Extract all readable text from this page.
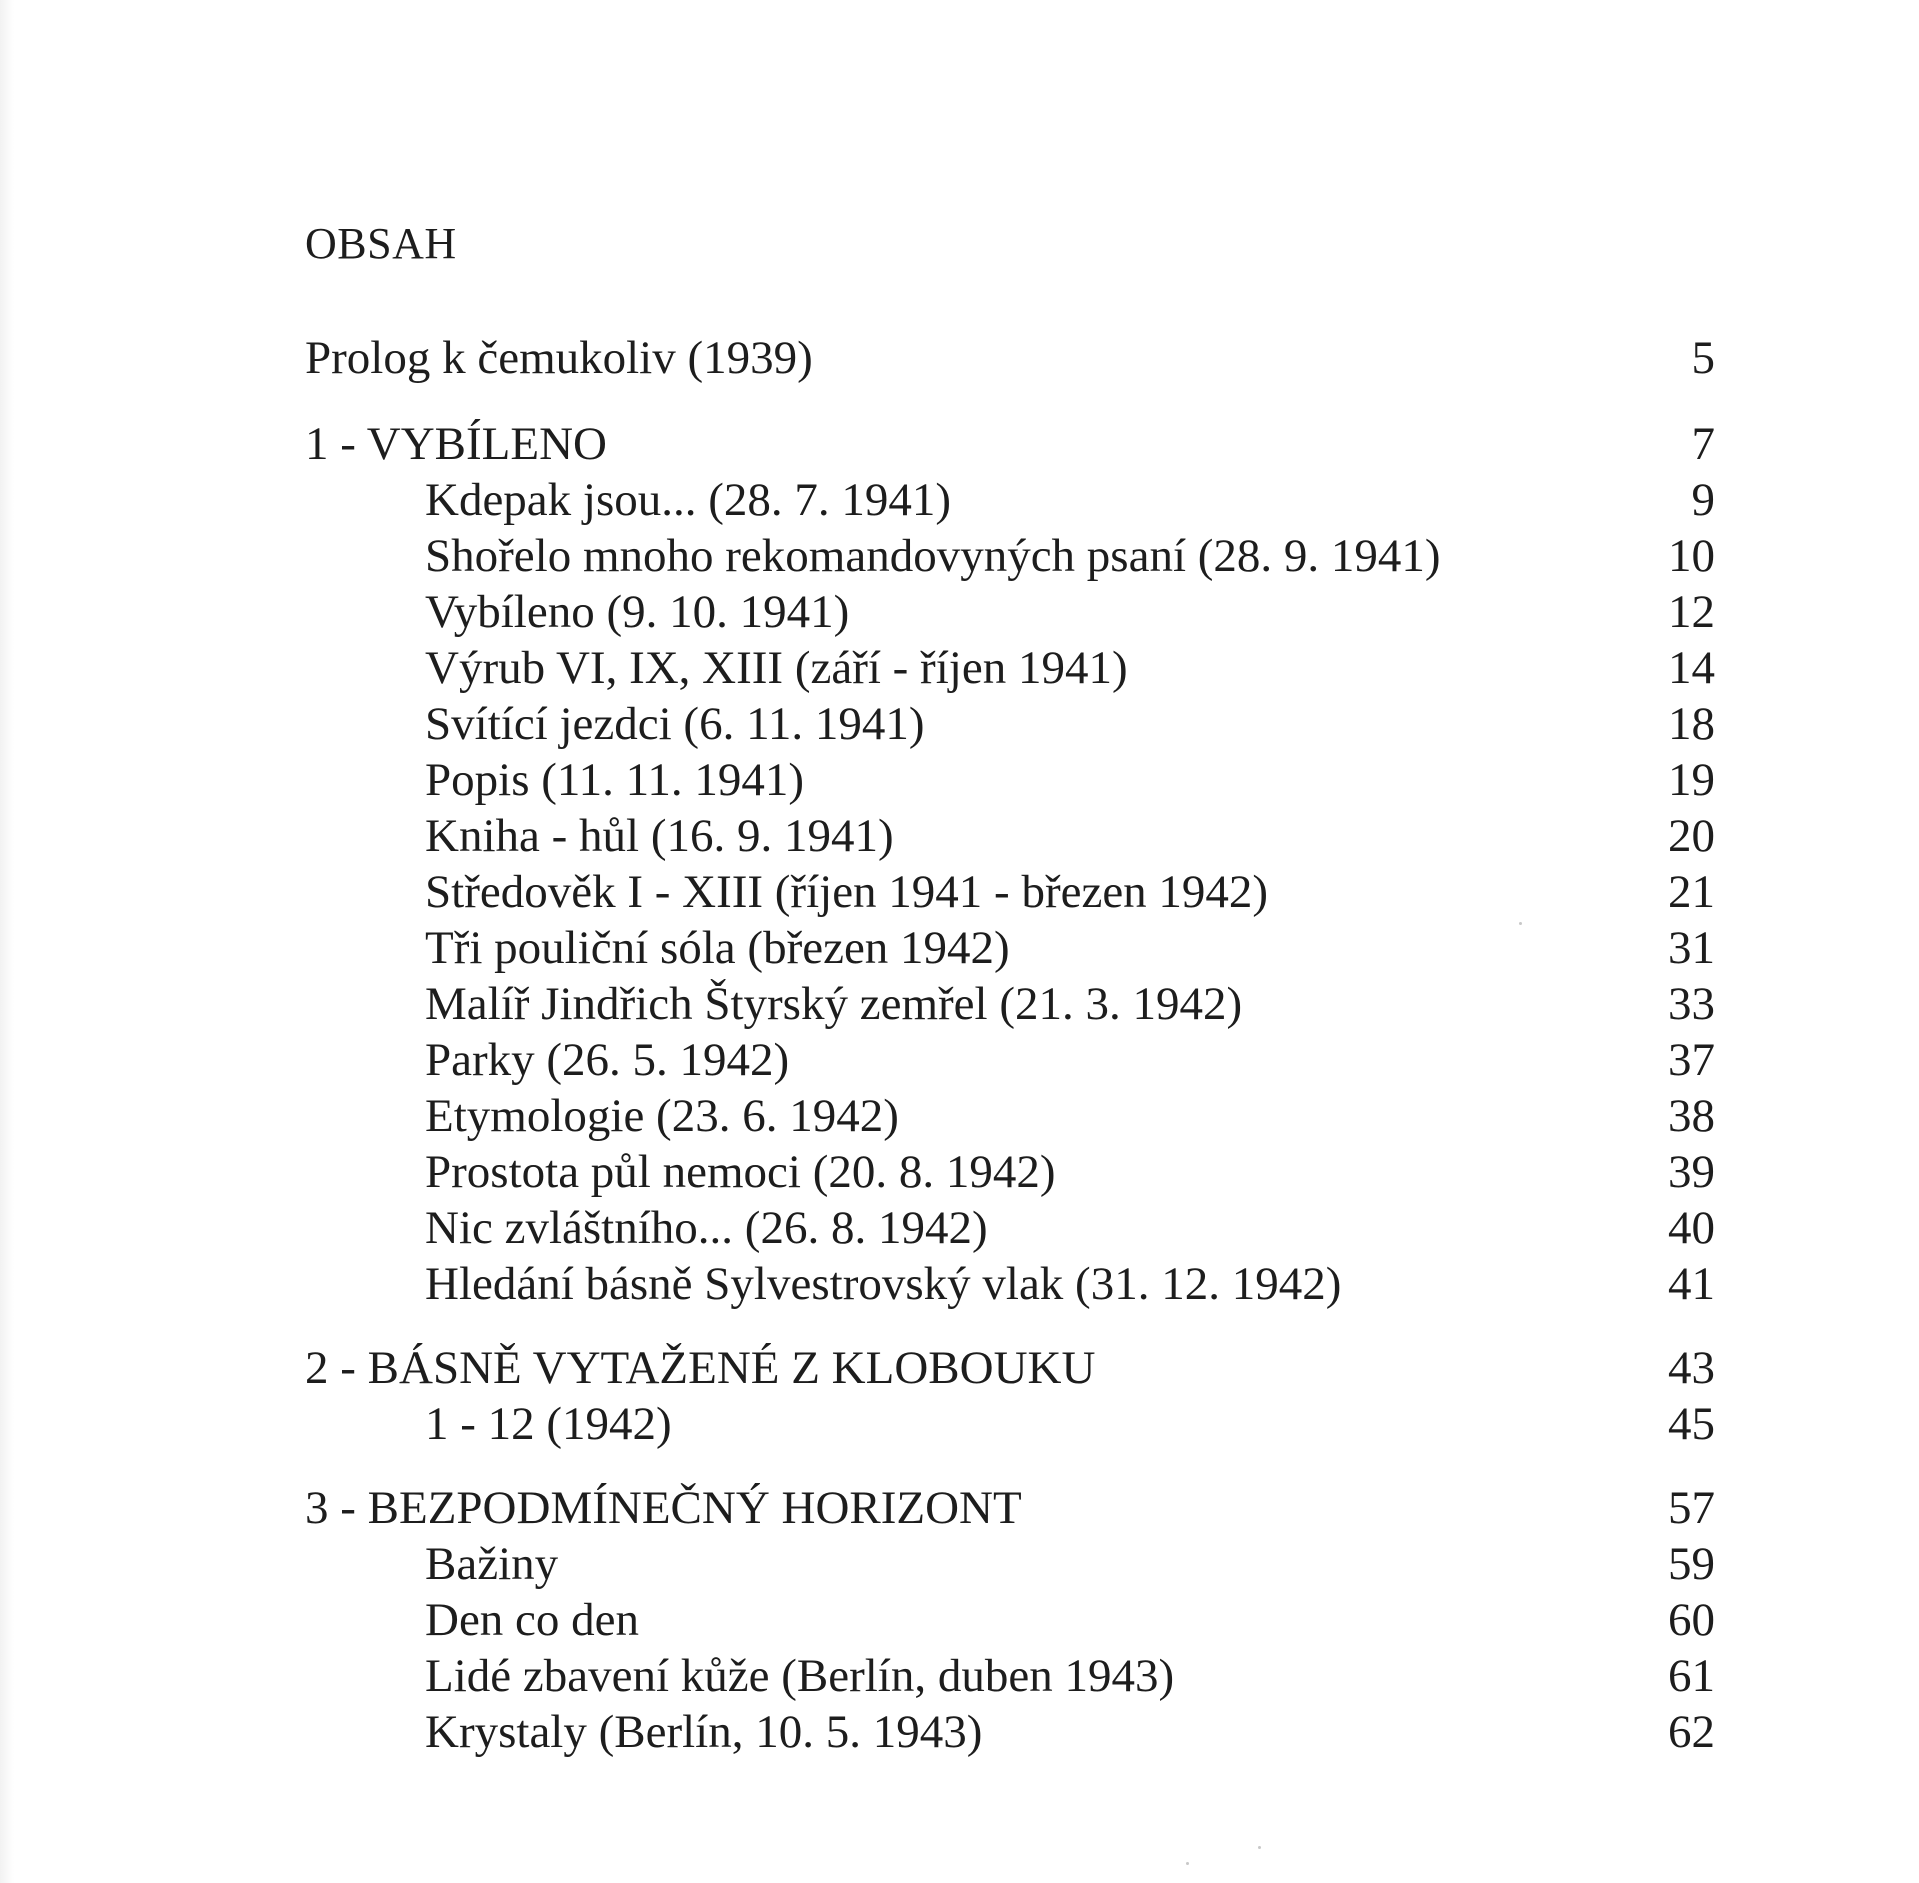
OBSAH
Prolog k čemukoliv (1939)	5
1 - VYBÍLENO	7
Kdepak jsou... (28. 7. 1941)	9
Shořelo mnoho rekomandovyných psaní (28. 9. 1941)	10
Vybíleno (9. 10. 1941)	12
Výrub VI, IX, XIII (září - říjen 1941)	14
Svítící jezdci (6. 11. 1941)	18
Popis (11. 11. 1941)	19
Kniha - hůl (16. 9. 1941)	20
Středověk I - XIII (říjen 1941 - březen 1942)	21
Tři pouliční sóla (březen 1942)	31
Malíř Jindřich Štyrský zemřel (21. 3. 1942)	33
Parky (26. 5. 1942)	37
Etymologie (23. 6. 1942)	38
Prostota půl nemoci (20. 8. 1942)	39
Nic zvláštního... (26. 8. 1942)	40
Hledání básně Sylvestrovský vlak (31. 12. 1942)	41
2 - BÁSNĚ VYTAŽENÉ Z KLOBOUKU	43
1 - 12 (1942)	45
3 - BEZPODMÍNEČNÝ HORIZONT	57
Bažiny	59
Den co den	60
Lidé zbavení kůže (Berlín, duben 1943)	61
Krystaly (Berlín, 10. 5. 1943)	62
